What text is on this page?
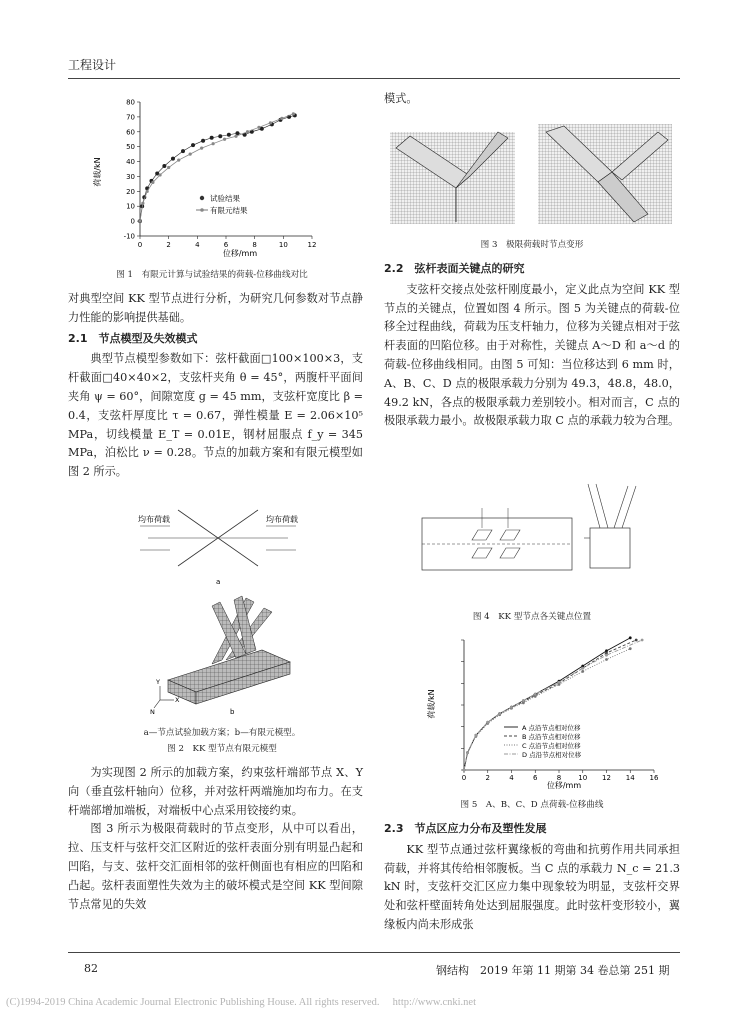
工程设计
0	2	4	6	8	10	12
-10
0
10
20
30
40
50
60
70
80
荷载/kN
位移/mm
试验结果
有限元结果
图 1　有限元计算与试验结果的荷载-位移曲线对比

对典型空间 KK 型节点进行分析，为研究几何参数对节点静力性能的影响提供基础。

2.1　节点模型及失效模式

典型节点模型参数如下：弦杆截面□100×100×3，支杆截面□40×40×2，支弦杆夹角 θ = 45°，两腹杆平面间夹角 ψ = 60°，间隙宽度 g = 45 mm，支弦杆宽度比 β = 0.4，支弦杆厚度比 τ = 0.67，弹性模量 E = 2.06×10⁵ MPa，切线模量 E_T = 0.01E，钢材屈服点 f_y = 345 MPa，泊松比 ν = 0.28。节点的加载方案和有限元模型如图 2 所示。

均布荷载	均布荷载
a
Y
X
N	b
a—节点试验加载方案；b—有限元模型。
图 2　KK 型节点有限元模型

为实现图 2 所示的加载方案，约束弦杆端部节点 X、Y 向（垂直弦杆轴向）位移，并对弦杆两端施加均布力。在支杆端部增加端板，对端板中心点采用铰接约束。

图 3 所示为极限荷载时的节点变形，从中可以看出，拉、压支杆与弦杆交汇区附近的弦杆表面分别有明显凸起和凹陷，与支、弦杆交汇面相邻的弦杆侧面也有相应的凹陷和凸起。弦杆表面塑性失效为主的破坏模式是空间 KK 型间隙节点常见的失效

模式。

图 3　极限荷载时节点变形
2.2　弦杆表面关键点的研究

支弦杆交接点处弦杆刚度最小，定义此点为空间 KK 型节点的关键点，位置如图 4 所示。图 5 为关键点的荷载-位移全过程曲线，荷载为压支杆轴力，位移为关键点相对于弦杆表面的凹陷位移。由于对称性，关键点 A～D 和 a～d 的荷载-位移曲线相同。由图 5 可知：当位移达到 6 mm 时，A、B、C、D 点的极限承载力分别为 49.3，48.8，48.0，49.2 kN，各点的极限承载力差别较小。相对而言，C 点的极限承载力最小。故极限承载力取 C 点的承载力较为合理。

图 4　KK 型节点各关键点位置
0	2	4	6	8 10 12 14 16
荷载/kN
位移/mm
A 点沿节点相对位移
B 点沿节点相对位移
C 点沿节点相对位移
D 点沿节点相对位移
图 5　A、B、C、D 点荷载-位移曲线
2.3　节点区应力分布及塑性发展

KK 型节点通过弦杆翼缘板的弯曲和抗剪作用共同承担荷载，并将其传给相邻腹板。当 C 点的承载力 N_c = 21.3 kN 时，支弦杆交汇区应力集中现象较为明显，支弦杆交界处和弦杆壁面转角处达到屈服强度。此时弦杆变形较小，翼缘板内尚未形成张

82	钢结构　2019 年第 11 期第 34 卷总第 251 期
(C)1994-2019 China Academic Journal Electronic Publishing House. All rights reserved.　 http://www.cnki.net
